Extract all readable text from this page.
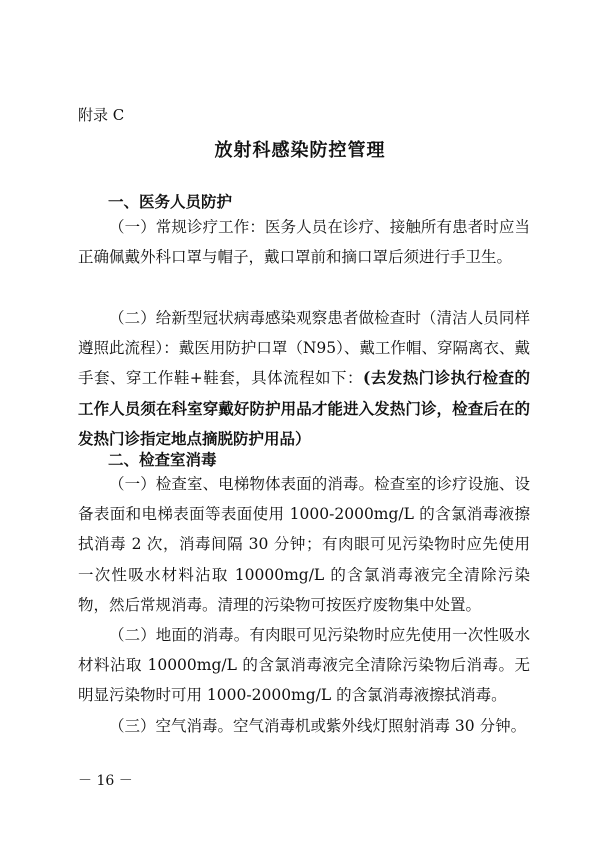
附录 C
放射科感染防控管理
一、医务人员防护
（一）常规诊疗工作：医务人员在诊疗、接触所有患者时应当正确佩戴外科口罩与帽子，戴口罩前和摘口罩后须进行手卫生。
（二）给新型冠状病毒感染观察患者做检查时（清洁人员同样遵照此流程）：戴医用防护口罩（N95）、戴工作帽、穿隔离衣、戴手套、穿工作鞋+鞋套，具体流程如下：(去发热门诊执行检查的工作人员须在科室穿戴好防护用品才能进入发热门诊，检查后在的发热门诊指定地点摘脱防护用品）
二、检查室消毒
（一）检查室、电梯物体表面的消毒。检查室的诊疗设施、设备表面和电梯表面等表面使用 1000-2000mg/L 的含氯消毒液擦拭消毒 2 次，消毒间隔 30 分钟；有肉眼可见污染物时应先使用一次性吸水材料沾取 10000mg/L 的含氯消毒液完全清除污染物，然后常规消毒。清理的污染物可按医疗废物集中处置。
（二）地面的消毒。有肉眼可见污染物时应先使用一次性吸水材料沾取 10000mg/L 的含氯消毒液完全清除污染物后消毒。无明显污染物时可用 1000-2000mg/L 的含氯消毒液擦拭消毒。
（三）空气消毒。空气消毒机或紫外线灯照射消毒 30 分钟。
－ 16 －
